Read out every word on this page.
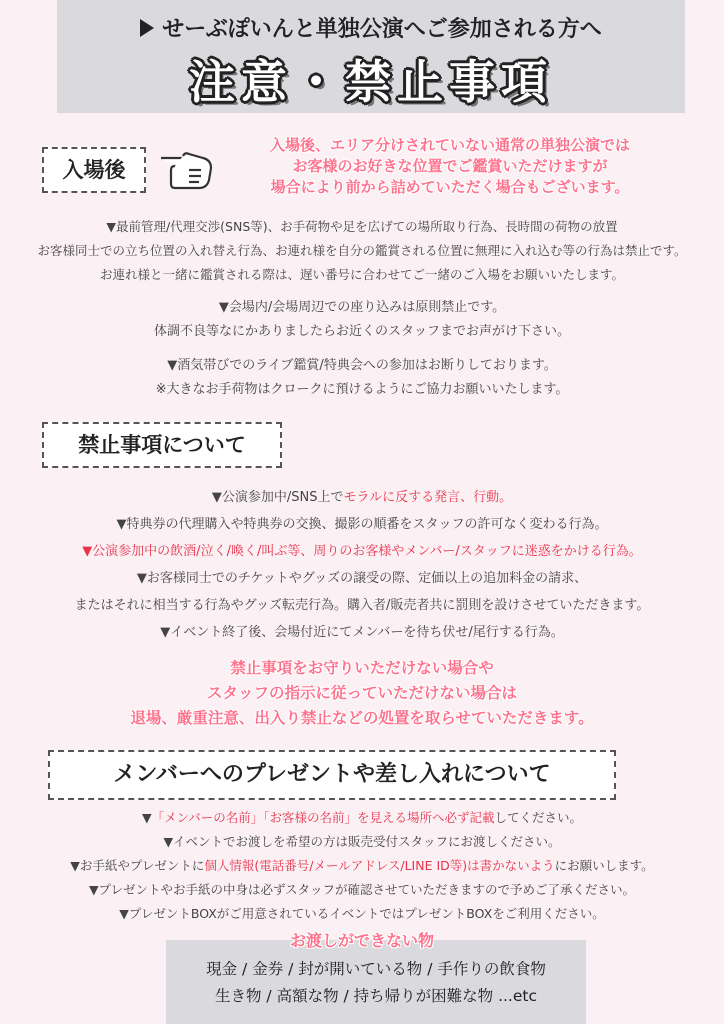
せーぶぽいんと単独公演へご参加される方へ
注意・禁止事項
入場後
入場後、エリア分けされていない通常の単独公演では
お客様のお好きな位置でご鑑賞いただけますが
場合により前から詰めていただく場合もございます。
▼最前管理/代理交渉(SNS等)、お手荷物や足を広げての場所取り行為、長時間の荷物の放置
お客様同士での立ち位置の入れ替え行為、お連れ様を自分の鑑賞される位置に無理に入れ込む等の行為は禁止です。
お連れ様と一緒に鑑賞される際は、遅い番号に合わせてご一緒のご入場をお願いいたします。
▼会場内/会場周辺での座り込みは原則禁止です。
体調不良等なにかありましたらお近くのスタッフまでお声がけ下さい。
▼酒気帯びでのライブ鑑賞/特典会への参加はお断りしております。
※大きなお手荷物はクロークに預けるようにご協力お願いいたします。
禁止事項について
▼公演参加中/SNS上でモラルに反する発言、行動。
▼特典券の代理購入や特典券の交換、撮影の順番をスタッフの許可なく変わる行為。
▼公演参加中の飲酒/泣く/喚く/叫ぶ等、周りのお客様やメンバー/スタッフに迷惑をかける行為。
▼お客様同士でのチケットやグッズの譲受の際、定価以上の追加料金の請求、
またはそれに相当する行為やグッズ転売行為。購入者/販売者共に罰則を設けさせていただきます。
▼イベント終了後、会場付近にてメンバーを待ち伏せ/尾行する行為。
禁止事項をお守りいただけない場合や
スタッフの指示に従っていただけない場合は
退場、厳重注意、出入り禁止などの処置を取らせていただきます。
メンバーへのプレゼントや差し入れについて
▼「メンバーの名前」「お客様の名前」を見える場所へ必ず記載してください。
▼イベントでお渡しを希望の方は販売受付スタッフにお渡しください。
▼お手紙やプレゼントに個人情報(電話番号/メールアドレス/LINE ID等)は書かないようにお願いします。
▼プレゼントやお手紙の中身は必ずスタッフが確認させていただきますので予めご了承ください。
▼プレゼントBOXがご用意されているイベントではプレゼントBOXをご利用ください。
お渡しができない物
現金 / 金券 / 封が開いている物 / 手作りの飲食物
生き物 / 高額な物 / 持ち帰りが困難な物 ...etc
